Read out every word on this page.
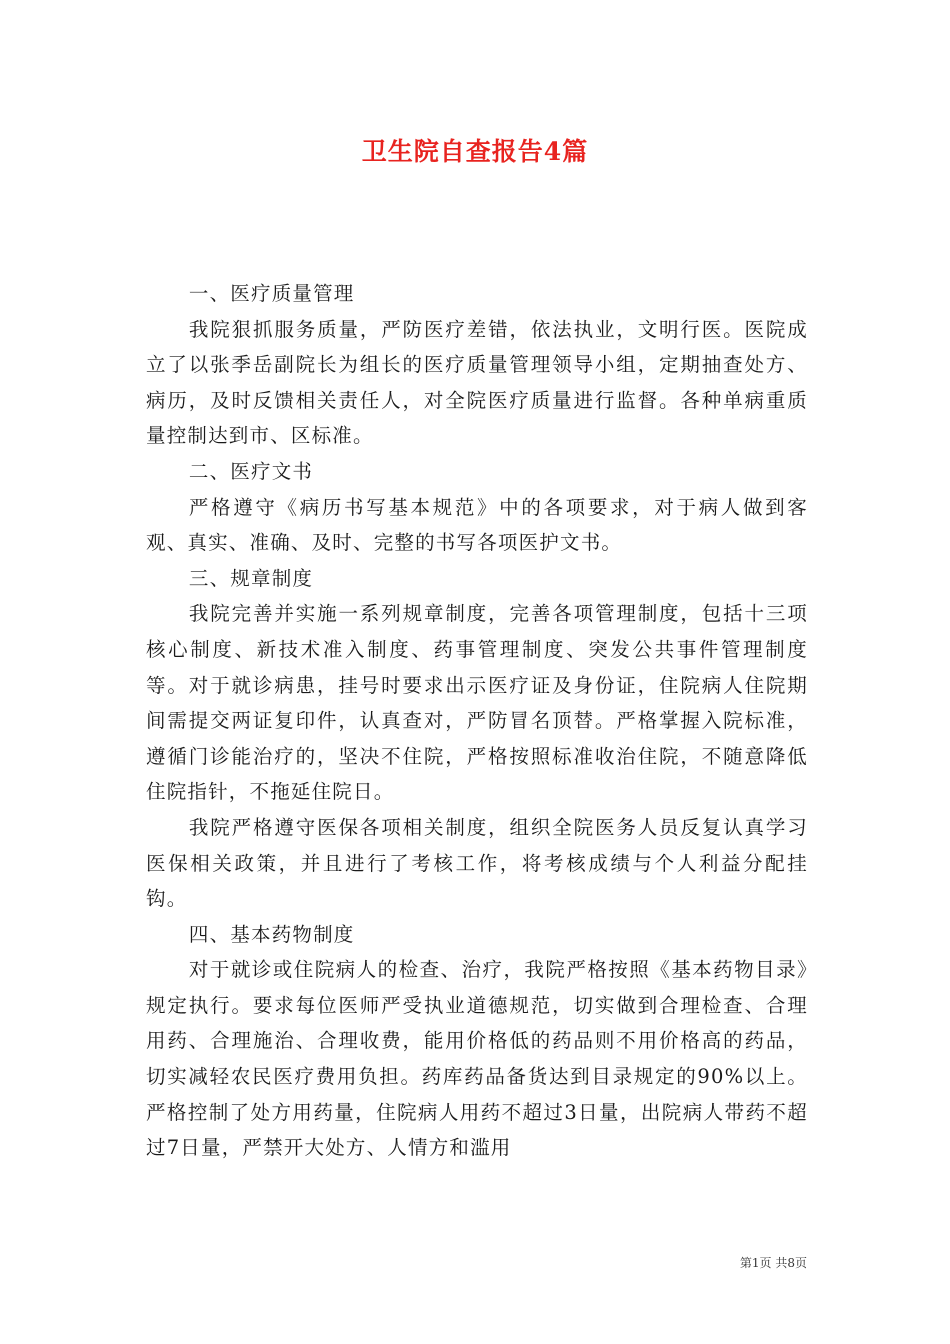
卫生院自查报告4篇

一、医疗质量管理

我院狠抓服务质量，严防医疗差错，依法执业，文明行医。医院成立了以张季岳副院长为组长的医疗质量管理领导小组，定期抽查处方、病历，及时反馈相关责任人，对全院医疗质量进行监督。各种单病重质量控制达到市、区标准。

二、医疗文书

严格遵守《病历书写基本规范》中的各项要求，对于病人做到客观、真实、准确、及时、完整的书写各项医护文书。

三、规章制度

我院完善并实施一系列规章制度，完善各项管理制度，包括十三项核心制度、新技术准入制度、药事管理制度、突发公共事件管理制度等。对于就诊病患，挂号时要求出示医疗证及身份证，住院病人住院期间需提交两证复印件，认真查对，严防冒名顶替。严格掌握入院标准，遵循门诊能治疗的，坚决不住院，严格按照标准收治住院，不随意降低住院指针，不拖延住院日。

我院严格遵守医保各项相关制度，组织全院医务人员反复认真学习医保相关政策，并且进行了考核工作，将考核成绩与个人利益分配挂钩。

四、基本药物制度

对于就诊或住院病人的检查、治疗，我院严格按照《基本药物目录》规定执行。要求每位医师严受执业道德规范，切实做到合理检查、合理用药、合理施治、合理收费，能用价格低的药品则不用价格高的药品，切实减轻农民医疗费用负担。药库药品备货达到目录规定的90%以上。严格控制了处方用药量，住院病人用药不超过3日量，出院病人带药不超过7日量，严禁开大处方、人情方和滥用

第1页 共8页
